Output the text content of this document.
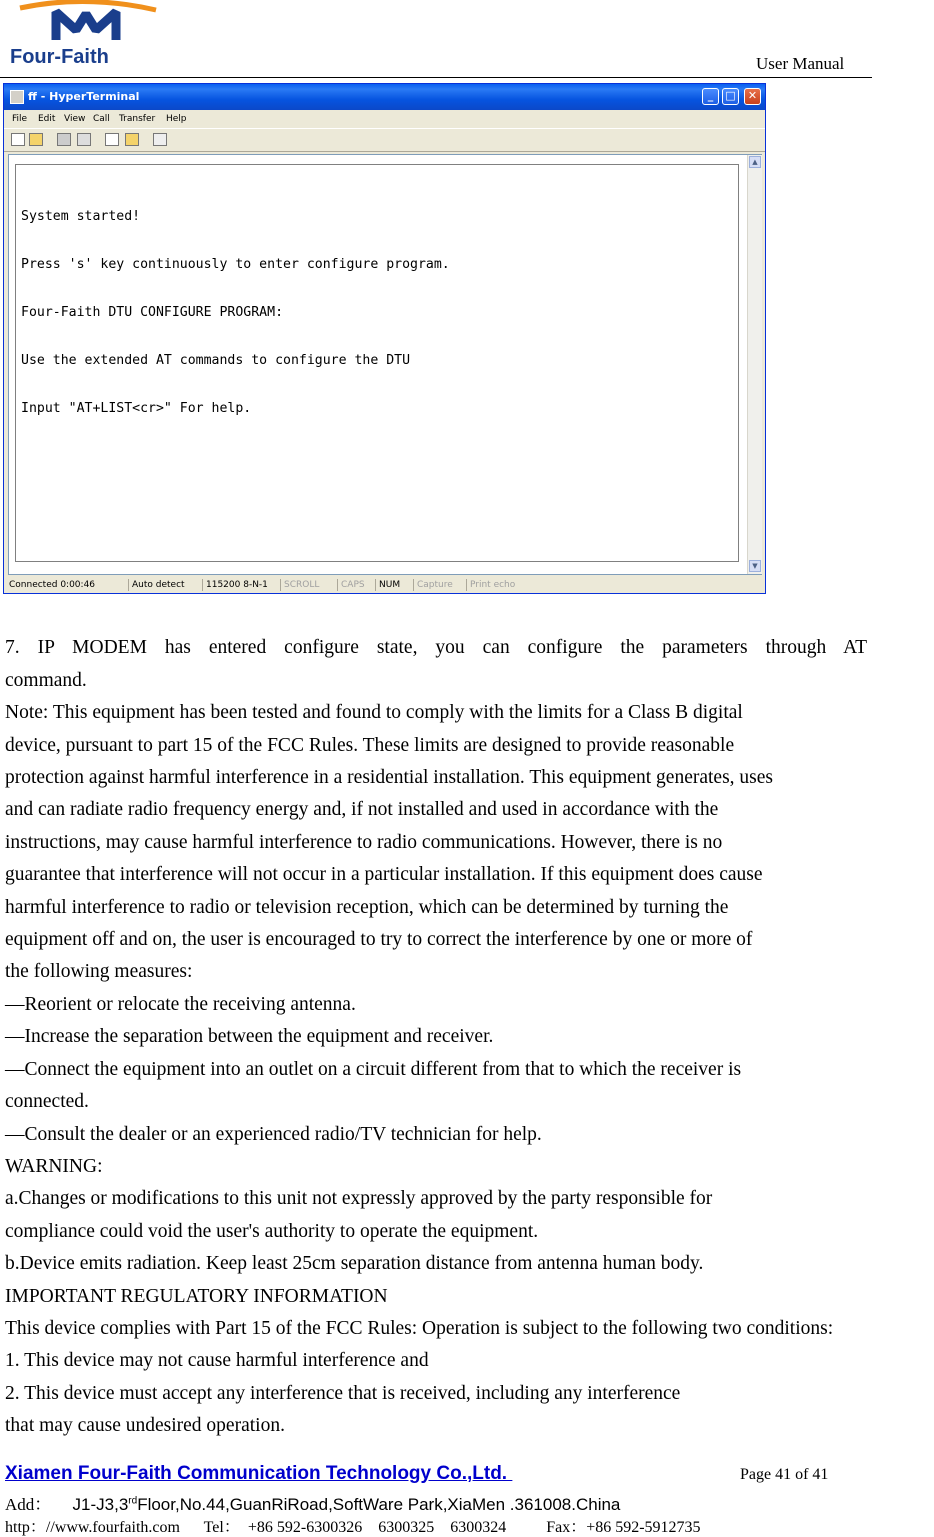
Four-Faith	User Manual
ff - HyperTerminal	_	□	✕
File Edit View Call Transfer Help

System started!

Press 's' key continuously to enter configure program.

Four-Faith DTU CONFIGURE PROGRAM:

Use the extended AT commands to configure the DTU

Input "AT+LIST<cr>" For help.

▲
▼
Connected 0:00:46	Auto detect	115200 8-N-1	SCROLL	CAPS	NUM	Capture	Print echo
7. IP MODEM has entered configure state, you can configure the parameters through AT
command.
Note: This equipment has been tested and found to comply with the limits for a Class B digital
device, pursuant to part 15 of the FCC Rules. These limits are designed to provide reasonable
protection against harmful interference in a residential installation. This equipment generates, uses
and can radiate radio frequency energy and, if not installed and used in accordance with the
instructions, may cause harmful interference to radio communications. However, there is no
guarantee that interference will not occur in a particular installation. If this equipment does cause
harmful interference to radio or television reception, which can be determined by turning the
equipment off and on, the user is encouraged to try to correct the interference by one or more of
the following measures:
—Reorient or relocate the receiving antenna.
—Increase the separation between the equipment and receiver.
—Connect the equipment into an outlet on a circuit different from that to which the receiver is
connected.
—Consult the dealer or an experienced radio/TV technician for help.
WARNING:
a.Changes or modifications to this unit not expressly approved by the party responsible for
compliance could void the user's authority to operate the equipment.
b.Device emits radiation. Keep least 25cm separation distance from antenna human body.
IMPORTANT REGULATORY INFORMATION
This device complies with Part 15 of the FCC Rules: Operation is subject to the following two conditions:
1. This device may not cause harmful interference and
2. This device must accept any interference that is received, including any interference
that may cause undesired operation.
Xiamen Four-Faith Communication Technology Co.,Ltd.	Page 41 of 41
Add： J1-J3,3rdFloor,No.44,GuanRiRoad,SoftWare Park,XiaMen .361008.China
http：//www.fourfaith.com      Tel：  +86 592-6300326    6300325    6300324          Fax：+86 592-5912735
